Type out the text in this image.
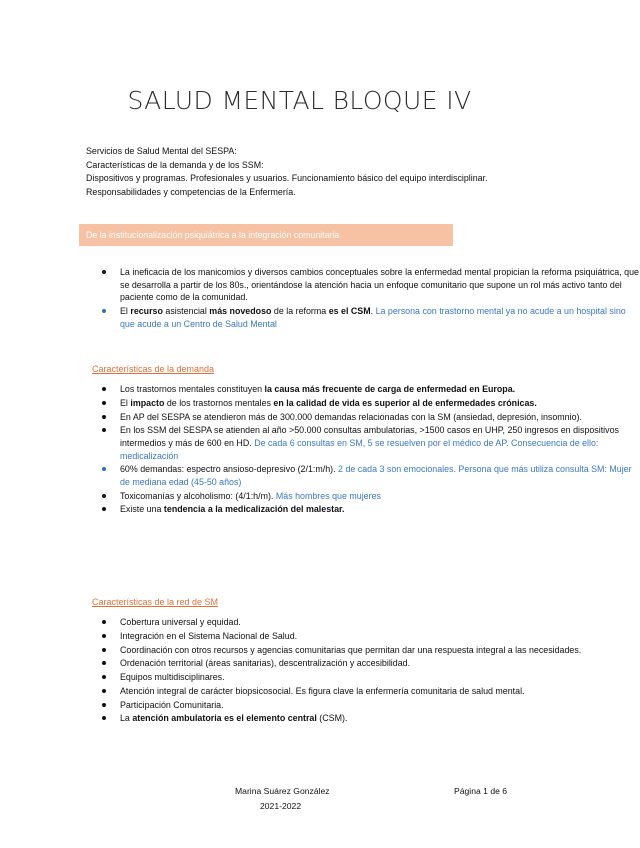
SALUD MENTAL BLOQUE IV
Servicios de Salud Mental del SESPA:
Características de la demanda y de los SSM:
Dispositivos y programas. Profesionales y usuarios. Funcionamiento básico del equipo interdisciplinar.
Responsabilidades y competencias de la Enfermería.
De la institucionalización psiquiátrica a la integración comunitaria
La ineficacia de los manicomios y diversos cambios conceptuales sobre la enfermedad mental propician la reforma psiquiátrica, que se desarrolla a partir de los 80s., orientándose la atención hacia un enfoque comunitario que supone un rol más activo tanto del paciente como de la comunidad.
El recurso asistencial más novedoso de la reforma es el CSM. La persona con trastorno mental ya no acude a un hospital sino que acude a un Centro de Salud Mental
Características de la demanda
Los trastornos mentales constituyen la causa más frecuente de carga de enfermedad en Europa.
El impacto de los trastornos mentales en la calidad de vida es superior al de enfermedades crónicas.
En AP del SESPA se atendieron más de 300.000 demandas relacionadas con la SM (ansiedad, depresión, insomnio).
En los SSM del SESPA se atienden al año >50.000 consultas ambulatorias, >1500 casos en UHP, 250 ingresos en dispositivos intermedios y más de 600 en HD. De cada 6 consultas en SM, 5 se resuelven por el médico de AP. Consecuencia de ello: medicalización
60% demandas: espectro ansioso-depresivo (2/1:m/h). 2 de cada 3 son emocionales. Persona que más utiliza consulta SM: Mujer de mediana edad (45-50 años)
Toxicomanías y alcoholismo: (4/1:h/m). Más hombres que mujeres
Existe una tendencia a la medicalización del malestar.
Características de la red de SM
Cobertura universal y equidad.
Integración en el Sistema Nacional de Salud.
Coordinación con otros recursos y agencias comunitarias que permitan dar una respuesta integral a las necesidades.
Ordenación territorial (áreas sanitarias), descentralización y accesibilidad.
Equipos multidisciplinares.
Atención integral de carácter biopsicosocial. Es figura clave la enfermería comunitaria de salud mental.
Participación Comunitaria.
La atención ambulatoria es el elemento central (CSM).
Marina Suárez González
2021-2022
Página 1 de 6
